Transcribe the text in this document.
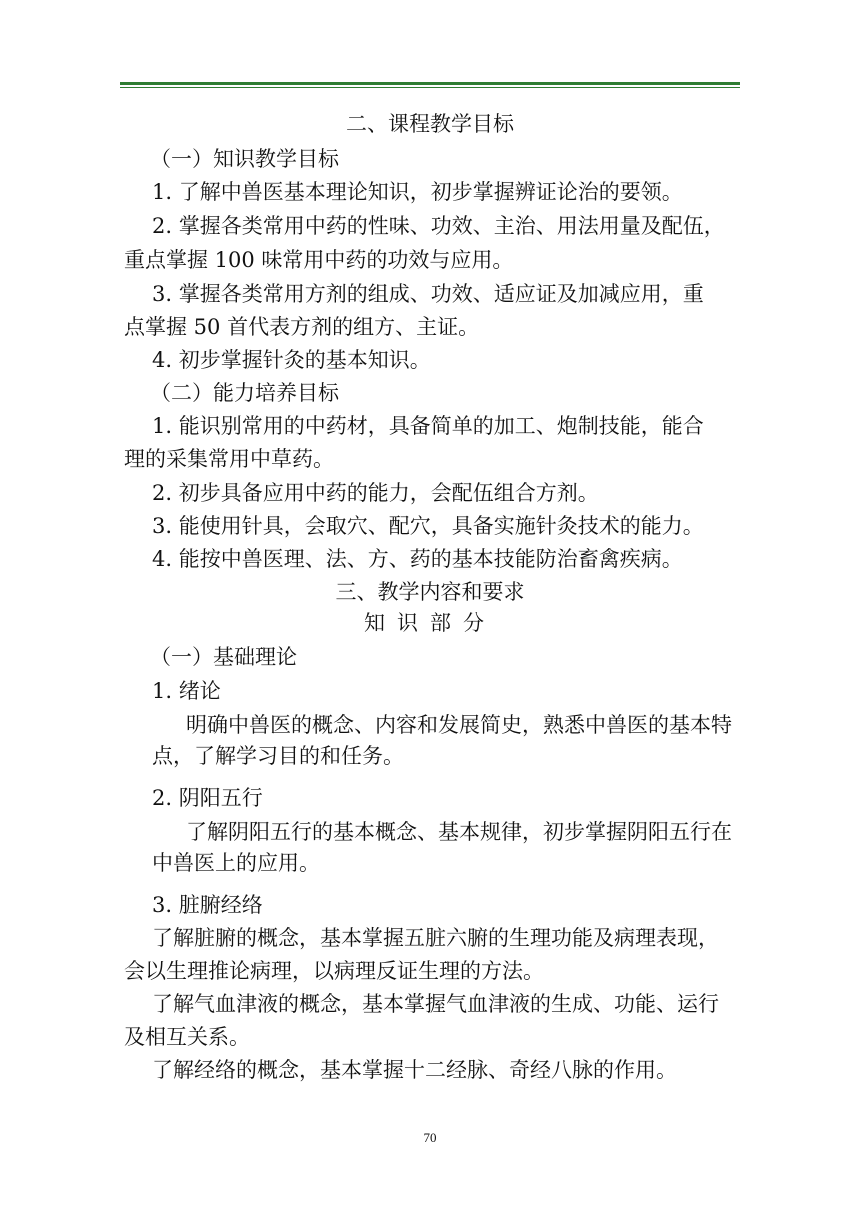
二、课程教学目标
（一）知识教学目标
1. 了解中兽医基本理论知识，初步掌握辨证论治的要领。
2. 掌握各类常用中药的性味、功效、主治、用法用量及配伍，
重点掌握 100 味常用中药的功效与应用。
3. 掌握各类常用方剂的组成、功效、适应证及加减应用，重
点掌握 50 首代表方剂的组方、主证。
4. 初步掌握针灸的基本知识。
（二）能力培养目标
1. 能识别常用的中药材，具备简单的加工、炮制技能，能合
理的采集常用中草药。
2. 初步具备应用中药的能力，会配伍组合方剂。
3. 能使用针具，会取穴、配穴，具备实施针灸技术的能力。
4. 能按中兽医理、法、方、药的基本技能防治畜禽疾病。
三、教学内容和要求
知识部分
（一）基础理论
1. 绪论
明确中兽医的概念、内容和发展简史，熟悉中兽医的基本特
点，了解学习目的和任务。
2. 阴阳五行
了解阴阳五行的基本概念、基本规律，初步掌握阴阳五行在
中兽医上的应用。
3. 脏腑经络
了解脏腑的概念，基本掌握五脏六腑的生理功能及病理表现，
会以生理推论病理，以病理反证生理的方法。
了解气血津液的概念，基本掌握气血津液的生成、功能、运行
及相互关系。
了解经络的概念，基本掌握十二经脉、奇经八脉的作用。
70
